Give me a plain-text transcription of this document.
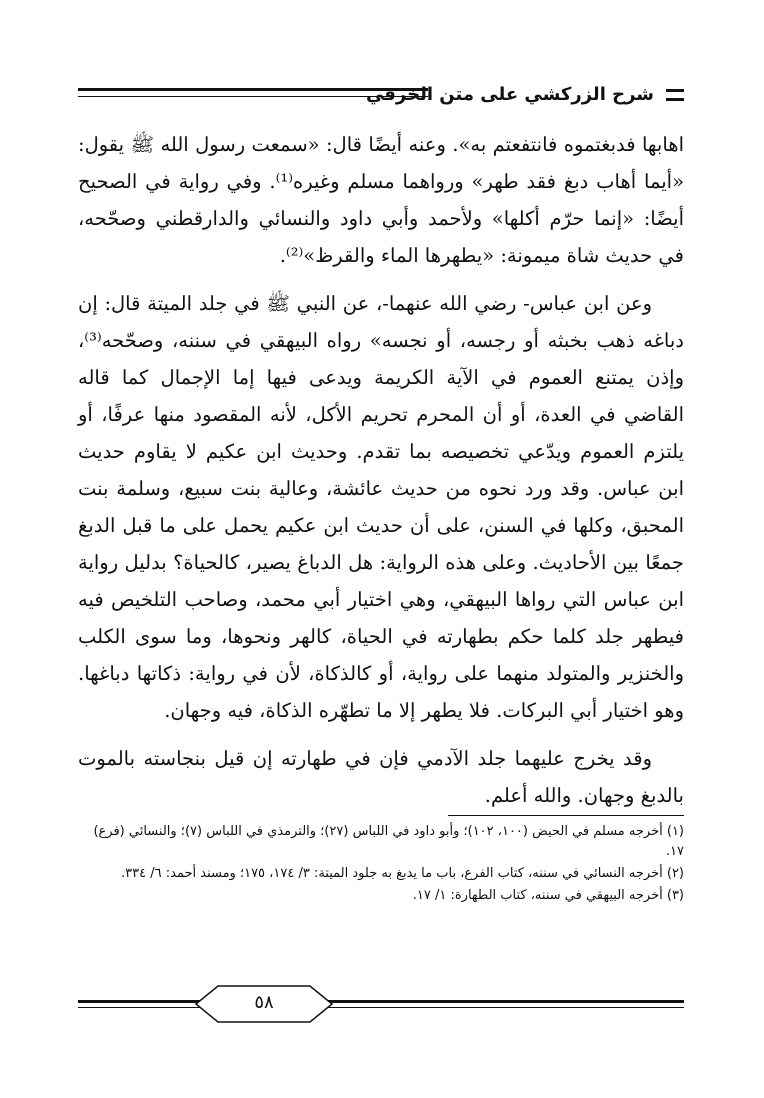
شرح الزركشي على متن الخرقي

اهابها فدبغتموه فانتفعتم به». وعنه أيضًا قال: «سمعت رسول الله ﷺ يقول: «أيما أهاب دبغ فقد طهر» ورواهما مسلم وغيره⁽¹⁾. وفي رواية في الصحيح أيضًا: «إنما حرّم أكلها» ولأحمد وأبي داود والنسائي والدارقطني وصحّحه، في حديث شاة ميمونة: «يطهرها الماء والقرظ»⁽²⁾.

وعن ابن عباس- رضي الله عنهما-، عن النبي ﷺ في جلد الميتة قال: إن دباغه ذهب بخبثه أو رجسه، أو نجسه» رواه البيهقي في سننه، وصحّحه⁽³⁾، وإذن يمتنع العموم في الآية الكريمة ويدعى فيها إما الإجمال كما قاله القاضي في العدة، أو أن المحرم تحريم الأكل، لأنه المقصود منها عرفًا، أو يلتزم العموم ويدّعي تخصيصه بما تقدم. وحديث ابن عكيم لا يقاوم حديث ابن عباس. وقد ورد نحوه من حديث عائشة، وعالية بنت سبيع، وسلمة بنت المحبق، وكلها في السنن، على أن حديث ابن عكيم يحمل على ما قبل الدبغ جمعًا بين الأحاديث. وعلى هذه الرواية: هل الدباغ يصير، كالحياة؟ بدليل رواية ابن عباس التي رواها البيهقي، وهي اختيار أبي محمد، وصاحب التلخيص فيه فيطهر جلد كلما حكم بطهارته في الحياة، كالهر ونحوها، وما سوى الكلب والخنزير والمتولد منهما على رواية، أو كالذكاة، لأن في رواية: ذكاتها دباغها. وهو اختيار أبي البركات. فلا يطهر إلا ما تطهّره الذكاة، فيه وجهان.

وقد يخرج عليهما جلد الآدمي فإن في طهارته إن قيل بنجاسته بالموت بالدبغ وجهان. والله أعلم.

(١) أخرجه مسلم في الحيض (١٠٠، ١٠٢)؛ وأبو داود في اللباس (٢٧)؛ والترمذي في اللباس (٧)؛ والنسائي (فرع) ١٧.
(٢) أخرجه النسائي في سننه، كتاب الفرع، باب ما يدبغ به جلود الميتة: ٣/ ١٧٤، ١٧٥؛ ومسند أحمد: ٦/ ٣٣٤.
(٣) أخرجه البيهقي في سننه، كتاب الطهارة: ١/ ١٧.
٥٨
